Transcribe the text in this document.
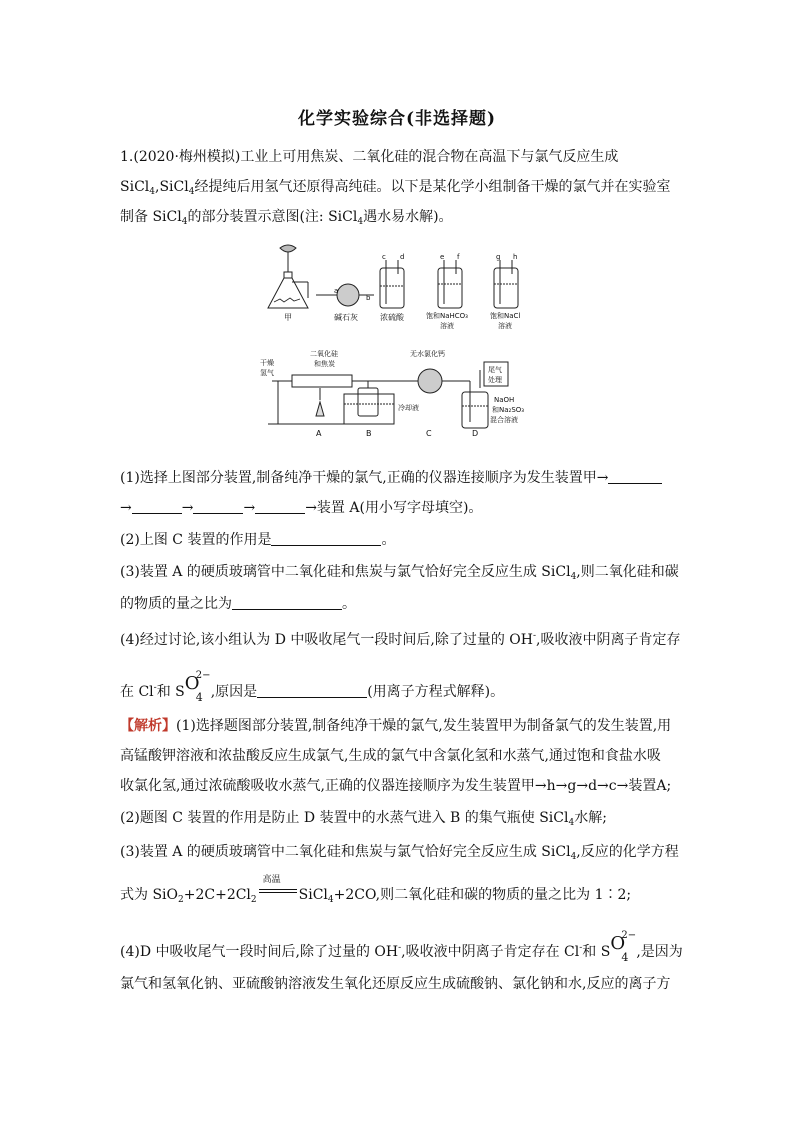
化学实验综合(非选择题)
1.(2020·梅州模拟)工业上可用焦炭、二氧化硅的混合物在高温下与氯气反应生成
SiCl$_4$,SiCl$_4$经提纯后用氢气还原得高纯硅。以下是某化学小组制备干燥的氯气并在实验室
制备 SiCl$_4$的部分装置示意图(注: SiCl$_4$遇水易水解)。
甲	碱石灰	浓硫酸	饱和NaHCO₃
溶液
饱和NaCl
溶液
a
b
c d	e f	g h
干燥
氢气
二氧化硅
和焦炭
无水氯化钙
冷却液
尾气
处理
NaOH
和Na₂SO₃
混合溶液
A	B	C	D
(1)选择上图部分装置,制备纯净干燥的氯气,正确的仪器连接顺序为发生装置甲→
→	→	→	→装置 A(用小写字母填空)。
(2)上图 C 装置的作用是	。
(3)装置 A 的硬质玻璃管中二氧化硅和焦炭与氯气恰好完全反应生成 SiCl$_4$,则二氧化硅和碳
的物质的量之比为	。
(4)经过讨论,该小组认为 D 中吸收尾气一段时间后,除了过量的 OH-,吸收液中阴离子肯定存
在 Cl-和 S O
4
2−
,原因是	(用离子方程式解释)。
【解析】(1)选择题图部分装置,制备纯净干燥的氯气,发生装置甲为制备氯气的发生装置,用
高锰酸钾溶液和浓盐酸反应生成氯气,生成的氯气中含氯化氢和水蒸气,通过饱和食盐水吸
收氯化氢,通过浓硫酸吸收水蒸气,正确的仪器连接顺序为发生装置甲→h→g→d→c→装置A;
(2)题图 C 装置的作用是防止 D 装置中的水蒸气进入 B 的集气瓶使 SiCl$_4$水解;
(3)装置 A 的硬质玻璃管中二氧化硅和焦炭与氯气恰好完全反应生成 SiCl$_4$,反应的化学方程
式为 $SiO_2+2C+2Cl_2$
高温
SiCl$_4$+2CO,则二氧化硅和碳的物质的量之比为 1∶2;
(4)D 中吸收尾气一段时间后,除了过量的 OH-,吸收液中阴离子肯定存在 Cl-和 S O
4
2−
,是因为
氯气和氢氧化钠、亚硫酸钠溶液发生氧化还原反应生成硫酸钠、氯化钠和水,反应的离子方
